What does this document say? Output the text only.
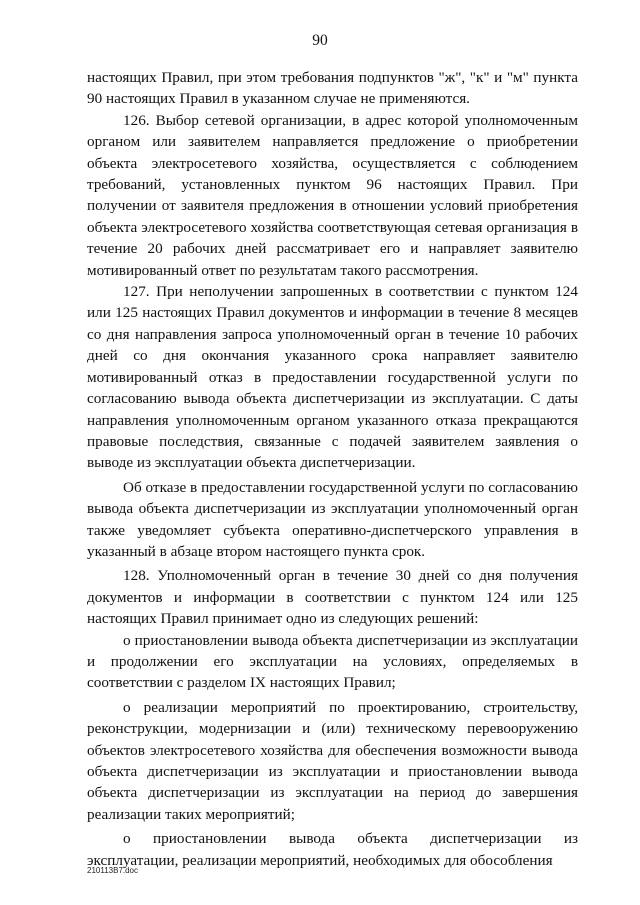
90

настоящих Правил, при этом требования подпунктов "ж", "к" и "м" пункта 90 настоящих Правил в указанном случае не применяются.

126. Выбор сетевой организации, в адрес которой уполномоченным органом или заявителем направляется предложение о приобретении объекта электросетевого хозяйства, осуществляется с соблюдением требований, установленных пунктом 96 настоящих Правил. При получении от заявителя предложения в отношении условий приобретения объекта электросетевого хозяйства соответствующая сетевая организация в течение 20 рабочих дней рассматривает его и направляет заявителю мотивированный ответ по результатам такого рассмотрения.

127. При неполучении запрошенных в соответствии с пунктом 124 или 125 настоящих Правил документов и информации в течение 8 месяцев со дня направления запроса уполномоченный орган в течение 10 рабочих дней со дня окончания указанного срока направляет заявителю мотивированный отказ в предоставлении государственной услуги по согласованию вывода объекта диспетчеризации из эксплуатации. С даты направления уполномоченным органом указанного отказа прекращаются правовые последствия, связанные с подачей заявителем заявления о выводе из эксплуатации объекта диспетчеризации.

Об отказе в предоставлении государственной услуги по согласованию вывода объекта диспетчеризации из эксплуатации уполномоченный орган также уведомляет субъекта оперативно-диспетчерского управления в указанный в абзаце втором настоящего пункта срок.

128. Уполномоченный орган в течение 30 дней со дня получения документов и информации в соответствии с пунктом 124 или 125 настоящих Правил принимает одно из следующих решений:

о приостановлении вывода объекта диспетчеризации из эксплуатации и продолжении его эксплуатации на условиях, определяемых в соответствии с разделом IX настоящих Правил;

о реализации мероприятий по проектированию, строительству, реконструкции, модернизации и (или) техническому перевооружению объектов электросетевого хозяйства для обеспечения возможности вывода объекта диспетчеризации из эксплуатации и приостановлении вывода объекта диспетчеризации из эксплуатации на период до завершения реализации таких мероприятий;

о приостановлении вывода объекта диспетчеризации из эксплуатации, реализации мероприятий, необходимых для обособления

210113В7.doc
